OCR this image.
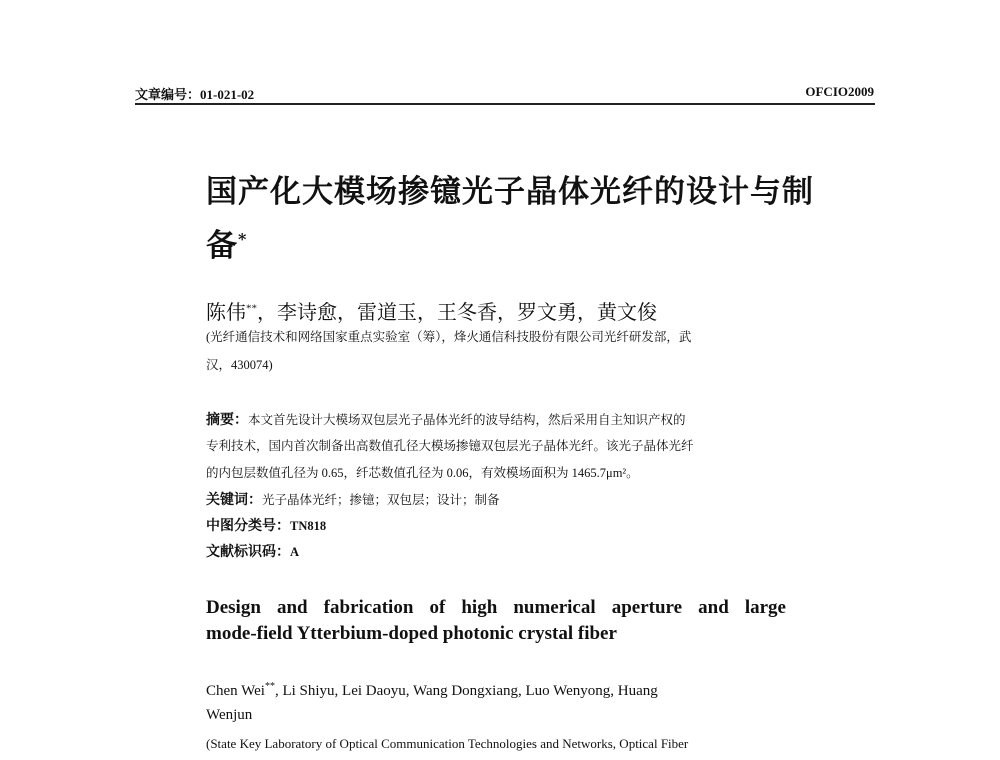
文章编号：01-021-02	OFCIO2009
国产化大模场掺镱光子晶体光纤的设计与制
备*
陈伟**，李诗愈，雷道玉，王冬香，罗文勇，黄文俊
(光纤通信技术和网络国家重点实验室（筹），烽火通信科技股份有限公司光纤研发部，武
汉，430074)
摘要：本文首先设计大模场双包层光子晶体光纤的波导结构，然后采用自主知识产权的
专利技术，国内首次制备出高数值孔径大模场掺镱双包层光子晶体光纤。该光子晶体光纤
的内包层数值孔径为 0.65，纤芯数值孔径为 0.06，有效模场面积为 1465.7μm²。
关键词：光子晶体光纤；掺镱；双包层；设计；制备
中图分类号：TN818
文献标识码：A
Design and fabrication of high numerical aperture and large
mode-field Ytterbium-doped photonic crystal fiber
Chen Wei**, Li Shiyu, Lei Daoyu, Wang Dongxiang, Luo Wenyong, Huang
Wenjun
(State Key Laboratory of Optical Communication Technologies and Networks, Optical Fiber
